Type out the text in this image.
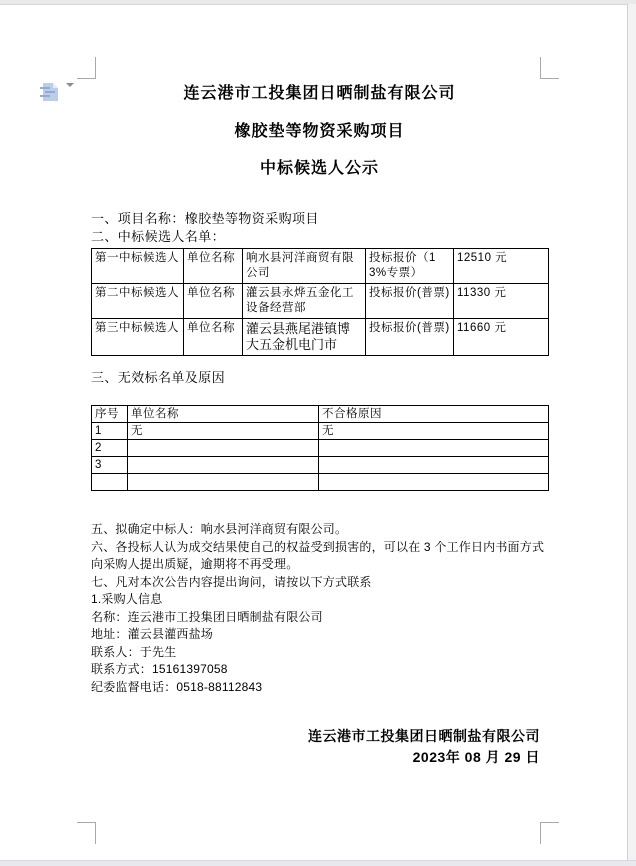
连云港市工投集团日晒制盐有限公司
橡胶垫等物资采购项目
中标候选人公示
一、项目名称：橡胶垫等物资采购项目
二、中标候选人名单：
第一中标候选人	单位名称	响水县河洋商贸有限公司	投标报价（13%专票）	12510 元
第二中标候选人	单位名称	灌云县永烨五金化工设备经营部	投标报价(普票)	11330 元
第三中标候选人	单位名称	灌云县燕尾港镇博大五金机电门市	投标报价(普票)	11660 元
三、无效标名单及原因
序号	单位名称	不合格原因
1	无	无
2		
3		

五、拟确定中标人：响水县河洋商贸有限公司。
六、各投标人认为成交结果使自己的权益受到损害的，可以在 3 个工作日内书面方式向采购人提出质疑，逾期将不再受理。
七、凡对本次公告内容提出询问，请按以下方式联系
1.采购人信息
名称：连云港市工投集团日晒制盐有限公司
地址：灌云县灌西盐场
联系人：于先生
联系方式：15161397058
纪委监督电话：0518-88112843
连云港市工投集团日晒制盐有限公司
2023年 08 月 29 日
